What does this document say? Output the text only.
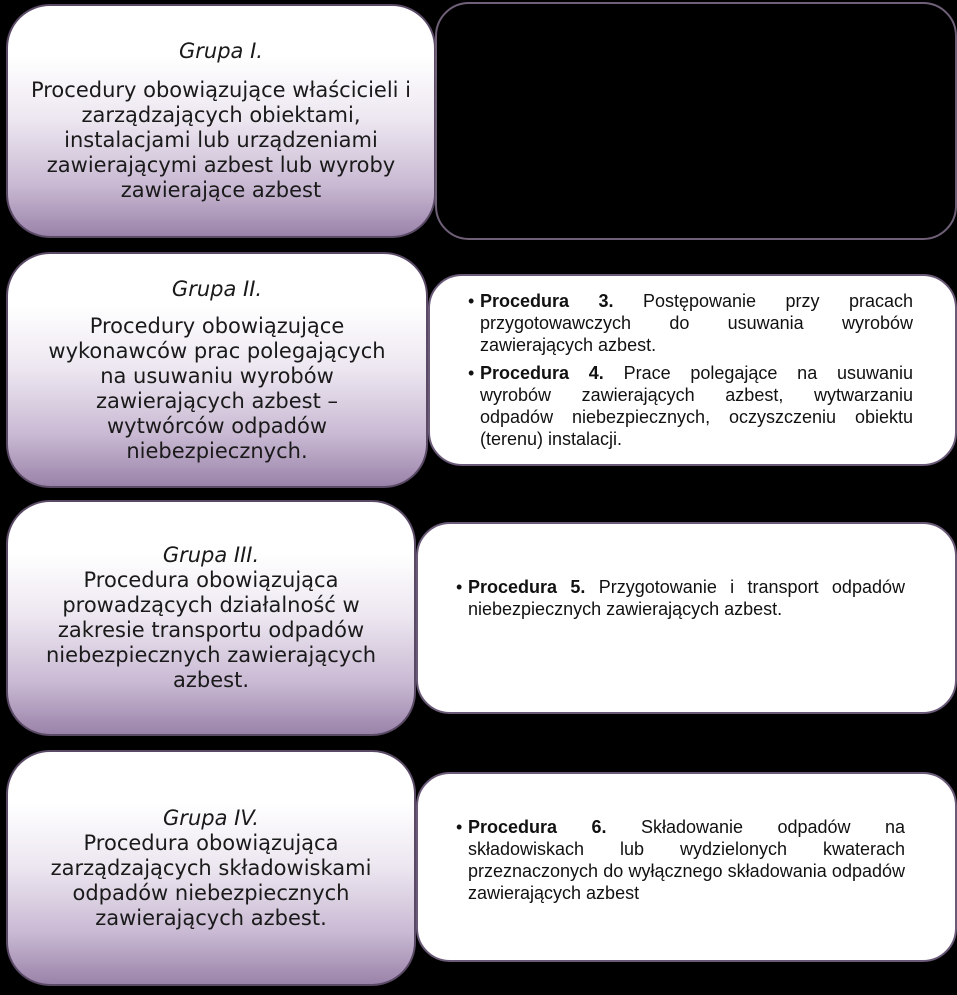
Grupa I.
Procedury obowiązujące właścicieli i zarządzających obiektami, instalacjami lub urządzeniami zawierającymi azbest lub wyroby zawierające azbest
Grupa II.
Procedury obowiązujące wykonawców prac polegających na usuwaniu wyrobów zawierających azbest – wytwórców odpadów niebezpiecznych.
• Procedura 3. Postępowanie przy pracach przygotowawczych do usuwania wyrobów zawierających azbest.
• Procedura 4. Prace polegające na usuwaniu wyrobów zawierających azbest, wytwarzaniu odpadów niebezpiecznych, oczyszczeniu obiektu (terenu) instalacji.
Grupa III.
Procedura obowiązująca prowadzących działalność w zakresie transportu odpadów niebezpiecznych zawierających azbest.
• Procedura 5. Przygotowanie i transport odpadów niebezpiecznych zawierających azbest.
Grupa IV.
Procedura obowiązująca zarządzających składowiskami odpadów niebezpiecznych zawierających azbest.
• Procedura 6. Składowanie odpadów na składowiskach lub wydzielonych kwaterach przeznaczonych do wyłącznego składowania odpadów zawierających azbest
